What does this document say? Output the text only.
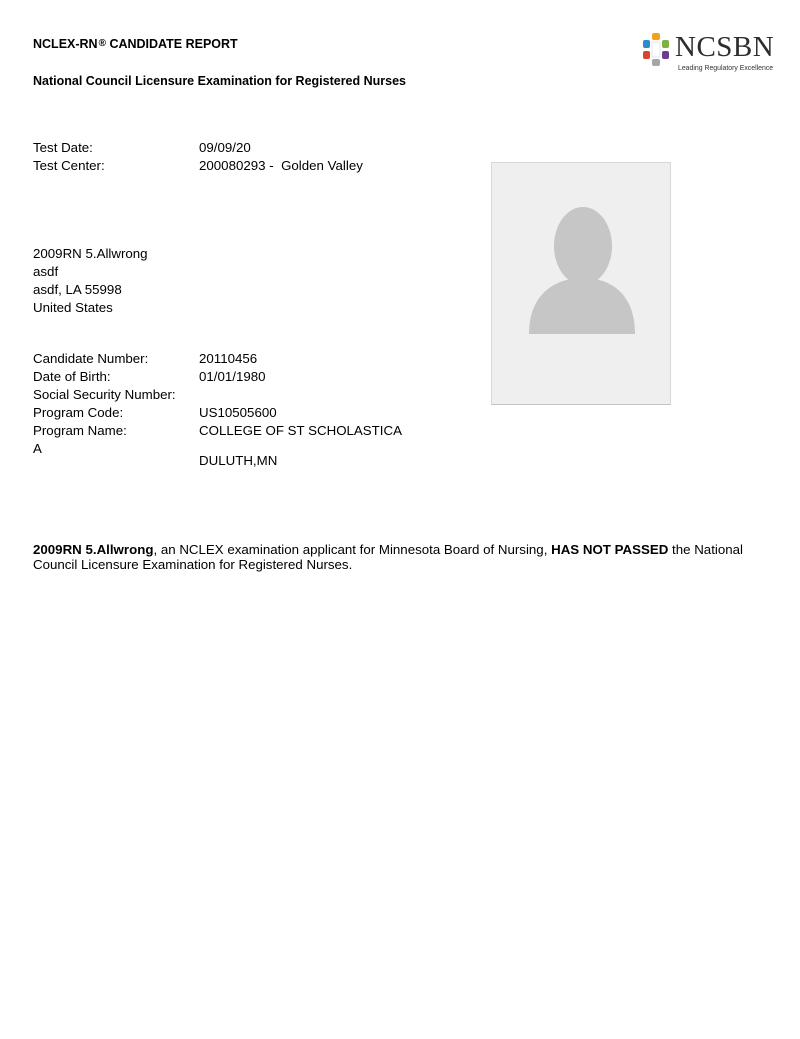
NCLEX-RN® CANDIDATE REPORT
National Council Licensure Examination for Registered Nurses
NCSBN
Leading Regulatory Excellence
Test Date:	09/09/20
Test Center:	200080293 -  Golden Valley
2009RN 5.Allwrong
asdf
asdf, LA 55998
United States
Candidate Number:	20110456
Date of Birth:	01/01/1980
Social Security Number:
Program Code:	US10505600
Program Name:	COLLEGE OF ST SCHOLASTICA
A
DULUTH,MN
2009RN 5.Allwrong, an NCLEX examination applicant for Minnesota Board of Nursing, HAS NOT PASSED the National Council Licensure Examination for Registered Nurses.
